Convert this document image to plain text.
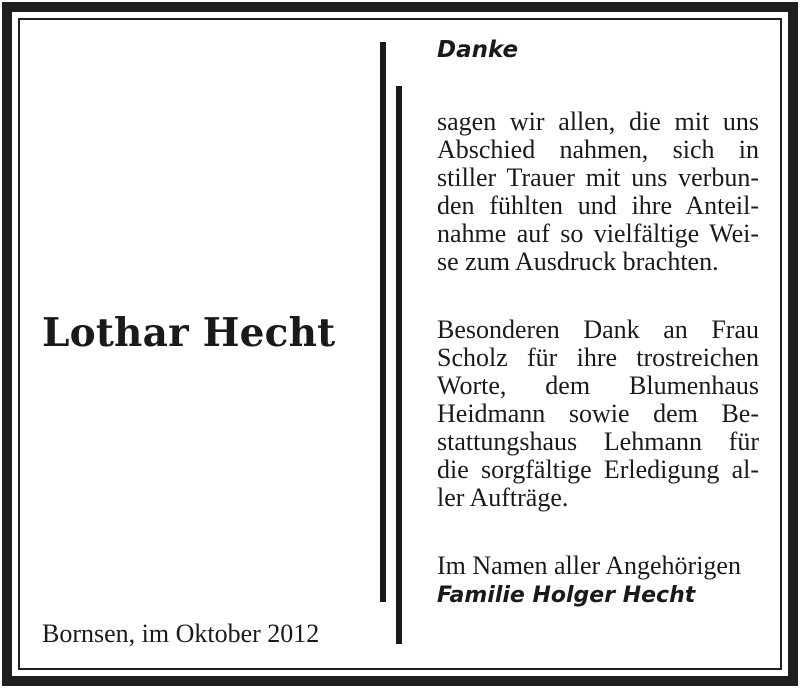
Lothar Hecht
Bornsen, im Oktober 2012
Danke
sagen wir allen, die mit uns
Abschied nahmen, sich in
stiller Trauer mit uns verbun-
den fühlten und ihre Anteil-
nahme auf so vielfältige Wei-
se zum Ausdruck brachten.
Besonderen Dank an Frau
Scholz für ihre trostreichen
Worte, dem Blumenhaus
Heidmann sowie dem Be-
stattungshaus Lehmann für
die sorgfältige Erledigung al-
ler Aufträge.
Im Namen aller Angehörigen
Familie Holger Hecht
